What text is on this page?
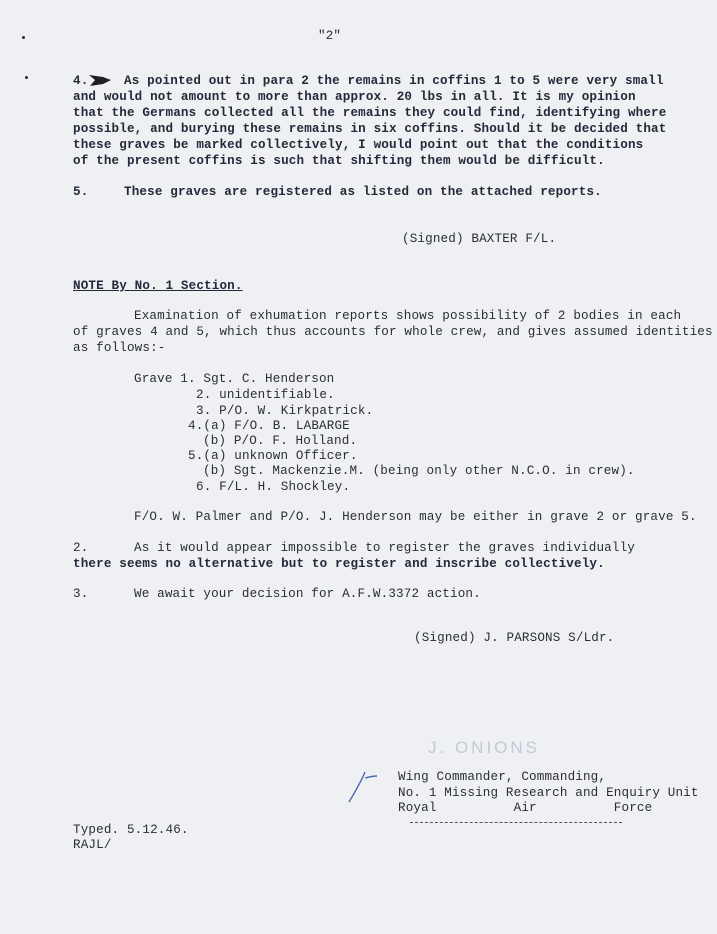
"2"
4.	As pointed out in para 2 the remains in coffins 1 to 5 were very small
and would not amount to more than approx. 20 lbs in all. It is my opinion
that the Germans collected all the remains they could find, identifying where
possible, and burying these remains in six coffins. Should it be decided that
these graves be marked collectively, I would point out that the conditions
of the present coffins is such that shifting them would be difficult.
5.	These graves are registered as listed on the attached reports.
(Signed) BAXTER F/L.
NOTE By No. 1 Section.
Examination of exhumation reports shows possibility of 2 bodies in each
of graves 4 and 5, which thus accounts for whole crew, and gives assumed identities
as follows:-
Grave 1. Sgt. C. Henderson
2. unidentifiable.
3. P/O. W. Kirkpatrick.
4.(a) F/O. B. LABARGE
(b) P/O. F. Holland.
5.(a) unknown Officer.
(b) Sgt. Mackenzie.M. (being only other N.C.O. in crew).
6. F/L. H. Shockley.
F/O. W. Palmer and P/O. J. Henderson may be either in grave 2 or grave 5.
2.	As it would appear impossible to register the graves individually
there seems no alternative but to register and inscribe collectively.
3.	We await your decision for A.F.W.3372 action.
(Signed) J. PARSONS S/Ldr.
J. ONIONS
Wing Commander, Commanding,
No. 1 Missing Research and Enquiry Unit
Royal          Air          Force
Typed. 5.12.46.
RAJL/
